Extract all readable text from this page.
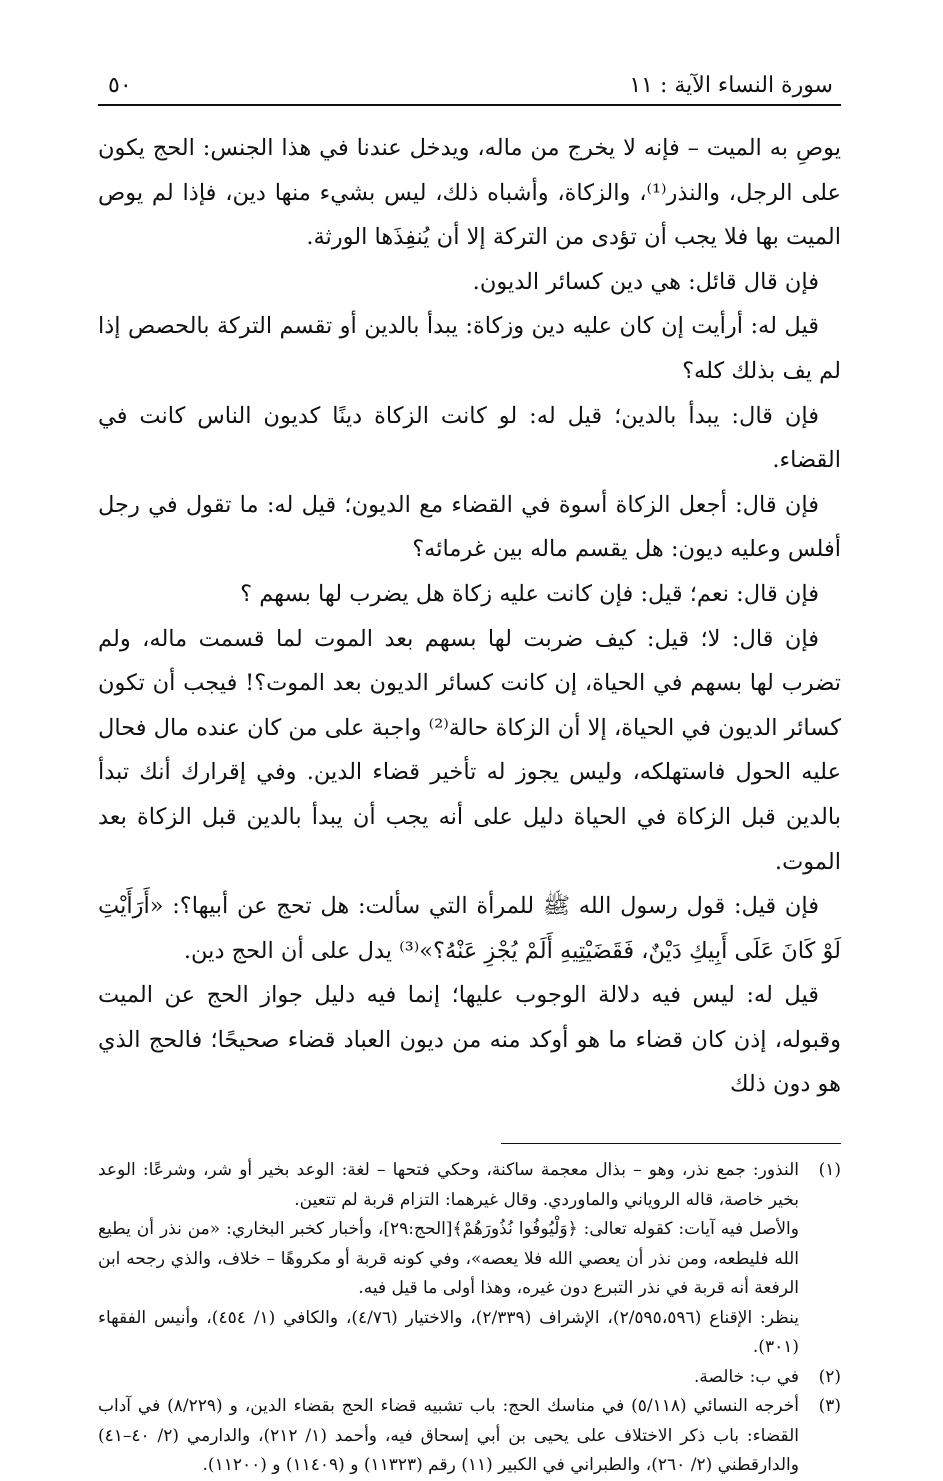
سورة النساء الآية : ١١
٥٠

يوصِ به الميت – فإنه لا يخرج من ماله، ويدخل عندنا في هذا الجنس: الحج يكون على الرجل، والنذر⁽¹⁾، والزكاة، وأشباه ذلك، ليس بشيء منها دين، فإذا لم يوص الميت بها فلا يجب أن تؤدى من التركة إلا أن يُنفِذَها الورثة.

فإن قال قائل: هي دين كسائر الديون.

قيل له: أرأيت إن كان عليه دين وزكاة: يبدأ بالدين أو تقسم التركة بالحصص إذا لم يف بذلك كله؟

فإن قال: يبدأ بالدين؛ قيل له: لو كانت الزكاة دينًا كديون الناس كانت في القضاء.

فإن قال: أجعل الزكاة أسوة في القضاء مع الديون؛ قيل له: ما تقول في رجل أفلس وعليه ديون: هل يقسم ماله بين غرمائه؟

فإن قال: نعم؛ قيل: فإن كانت عليه زكاة هل يضرب لها بسهم ؟

فإن قال: لا؛ قيل: كيف ضربت لها بسهم بعد الموت لما قسمت ماله، ولم تضرب لها بسهم في الحياة، إن كانت كسائر الديون بعد الموت؟! فيجب أن تكون كسائر الديون في الحياة، إلا أن الزكاة حالة⁽²⁾ واجبة على من كان عنده مال فحال عليه الحول فاستهلكه، وليس يجوز له تأخير قضاء الدين. وفي إقرارك أنك تبدأ بالدين قبل الزكاة في الحياة دليل على أنه يجب أن يبدأ بالدين قبل الزكاة بعد الموت.

فإن قيل: قول رسول الله ﷺ للمرأة التي سألت: هل تحج عن أبيها؟: «أَرَأَيْتِ لَوْ كَانَ عَلَى أَبِيكِ دَيْنٌ، فَقَضَيْتِيهِ أَلَمْ يُجْزِ عَنْهُ؟»⁽³⁾ يدل على أن الحج دين.

قيل له: ليس فيه دلالة الوجوب عليها؛ إنما فيه دليل جواز الحج عن الميت وقبوله، إذن كان قضاء ما هو أوكد منه من ديون العباد قضاء صحيحًا؛ فالحج الذي هو دون ذلك

(١)
النذور: جمع نذر، وهو – بذال معجمة ساكنة، وحكي فتحها – لغة: الوعد بخير أو شر، وشرعًا: الوعد بخير خاصة، قاله الروياني والماوردي. وقال غيرهما: التزام قربة لم تتعين.
والأصل فيه آيات: كقوله تعالى: ﴿وَلْيُوفُوا نُذُورَهُمْ﴾[الحج:٢٩]، وأخبار كخبر البخاري: «من نذر أن يطيع الله فليطعه، ومن نذر أن يعصي الله فلا يعصه»، وفي كونه قربة أو مكروهًا – خلاف، والذي رجحه ابن الرفعة أنه قربة في نذر التبرع دون غيره، وهذا أولى ما قيل فيه.
ينظر: الإقناع (٢/٥٩٥،٥٩٦)، الإشراف (٢/٣٣٩)، والاختيار (٤/٧٦)، والكافي (١/ ٤٥٤)، وأنيس الفقهاء (٣٠١).
(٢)
في ب: خالصة.
(٣)
أخرجه النسائي (٥/١١٨) في مناسك الحج: باب تشبيه قضاء الحج بقضاء الدين، و (٨/٢٢٩) في آداب القضاء: باب ذكر الاختلاف على يحيى بن أبي إسحاق فيه، وأحمد (١/ ٢١٢)، والدارمي (٢/ ٤٠–٤١) والدارقطني (٢/ ٢٦٠)، والطبراني في الكبير (١١) رقم (١١٣٢٣) و (١١٤٠٩) و (١١٢٠٠).
